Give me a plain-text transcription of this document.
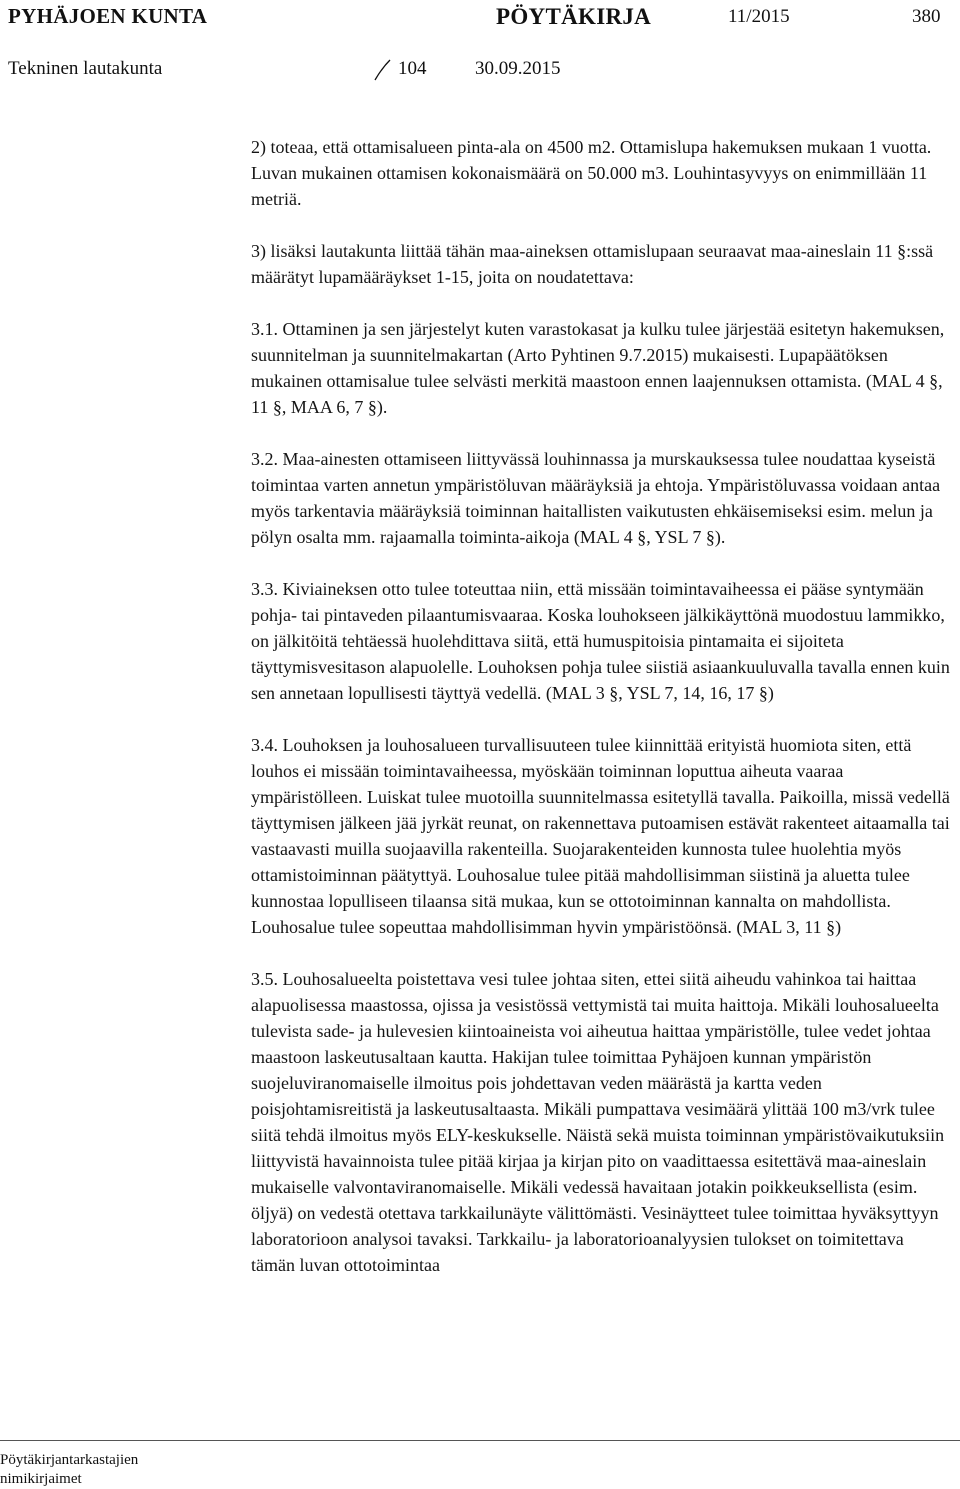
PYHÄJOEN KUNTA	PÖYTÄKIRJA	11/2015	380
Tekninen lautakunta	104	30.09.2015

2) toteaa, että ottamisalueen pinta-ala on 4500 m2. Ottamislupa hakemuksen mukaan 1 vuotta. Luvan mukainen ottamisen kokonaismäärä on 50.000 m3. Louhintasyvyys on enimmillään 11 metriä.

3) lisäksi lautakunta liittää tähän maa-aineksen ottamislupaan seuraavat maa-aineslain 11 §:ssä määrätyt lupamääräykset 1-15, joita on noudatettava:

3.1. Ottaminen ja sen järjestelyt kuten varastokasat ja kulku tulee järjestää esitetyn hakemuksen, suunnitelman ja suunnitelmakartan (Arto Pyhtinen 9.7.2015) mukaisesti. Lupapäätöksen mukainen ottamisalue tulee selvästi merkitä maastoon ennen laajennuksen ottamista. (MAL 4 §, 11 §, MAA 6, 7 §).

3.2. Maa-ainesten ottamiseen liittyvässä louhinnassa ja murskauksessa tulee noudattaa kyseistä toimintaa varten annetun ympäristöluvan määräyksiä ja ehtoja. Ympäristöluvassa voidaan antaa myös tarkentavia määräyksiä toiminnan haitallisten vaikutusten ehkäisemiseksi esim. melun ja pölyn osalta mm. rajaamalla toiminta-aikoja (MAL 4 §, YSL 7 §).

3.3. Kiviaineksen otto tulee toteuttaa niin, että missään toimintavaiheessa ei pääse syntymään pohja- tai pintaveden pilaantumisvaaraa. Koska louhokseen jälkikäyttönä muodostuu lammikko, on jälkitöitä tehtäessä huolehdittava siitä, että humuspitoisia pintamaita ei sijoiteta täyttymisvesitason alapuolelle. Louhoksen pohja tulee siistiä asiaankuuluvalla tavalla ennen kuin sen annetaan lopullisesti täyttyä vedellä. (MAL 3 §, YSL 7, 14, 16, 17 §)

3.4. Louhoksen ja louhosalueen turvallisuuteen tulee kiinnittää erityistä huomiota siten, että louhos ei missään toimintavaiheessa, myöskään toiminnan loputtua aiheuta vaaraa ympäristölleen. Luiskat tulee muotoilla suunnitelmassa esitetyllä tavalla. Paikoilla, missä vedellä täyttymisen jälkeen jää jyrkät reunat, on rakennettava putoamisen estävät rakenteet aitaamalla tai vastaavasti muilla suojaavilla rakenteilla. Suojarakenteiden kunnosta tulee huolehtia myös ottamistoiminnan päätyttyä. Louhosalue tulee pitää mahdollisimman siistinä ja aluetta tulee kunnostaa lopulliseen tilaansa sitä mukaa, kun se ottotoiminnan kannalta on mahdollista. Louhosalue tulee sopeuttaa mahdollisimman hyvin ympäristöönsä. (MAL 3, 11 §)

3.5. Louhosalueelta poistettava vesi tulee johtaa siten, ettei siitä aiheudu vahinkoa tai haittaa alapuolisessa maastossa, ojissa ja vesistössä vettymistä tai muita haittoja. Mikäli louhosalueelta tulevista sade- ja hulevesien kiintoaineista voi aiheutua haittaa ympäristölle, tulee vedet johtaa maastoon laskeutusaltaan kautta. Hakijan tulee toimittaa Pyhäjoen kunnan ympäristön suojeluviranomaiselle ilmoitus pois johdettavan veden määrästä ja kartta veden poisjohtamisreitistä ja laskeutusaltaasta. Mikäli pumpattava vesimäärä ylittää 100 m3/vrk tulee siitä tehdä ilmoitus myös ELY-keskukselle. Näistä sekä muista toiminnan ympäristövaikutuksiin liittyvistä havainnoista tulee pitää kirjaa ja kirjan pito on vaadittaessa esitettävä maa-aineslain mukaiselle valvontaviranomaiselle. Mikäli vedessä havaitaan jotakin poikkeuksellista (esim. öljyä) on vedestä otettava tarkkailunäyte välittömästi. Vesinäytteet tulee toimittaa hyväksyttyyn laboratorioon analysoi tavaksi. Tarkkailu- ja laboratorioanalyysien tulokset on toimitettava tämän luvan ottotoimintaa

Pöytäkirjantarkastajien
nimikirjaimet
